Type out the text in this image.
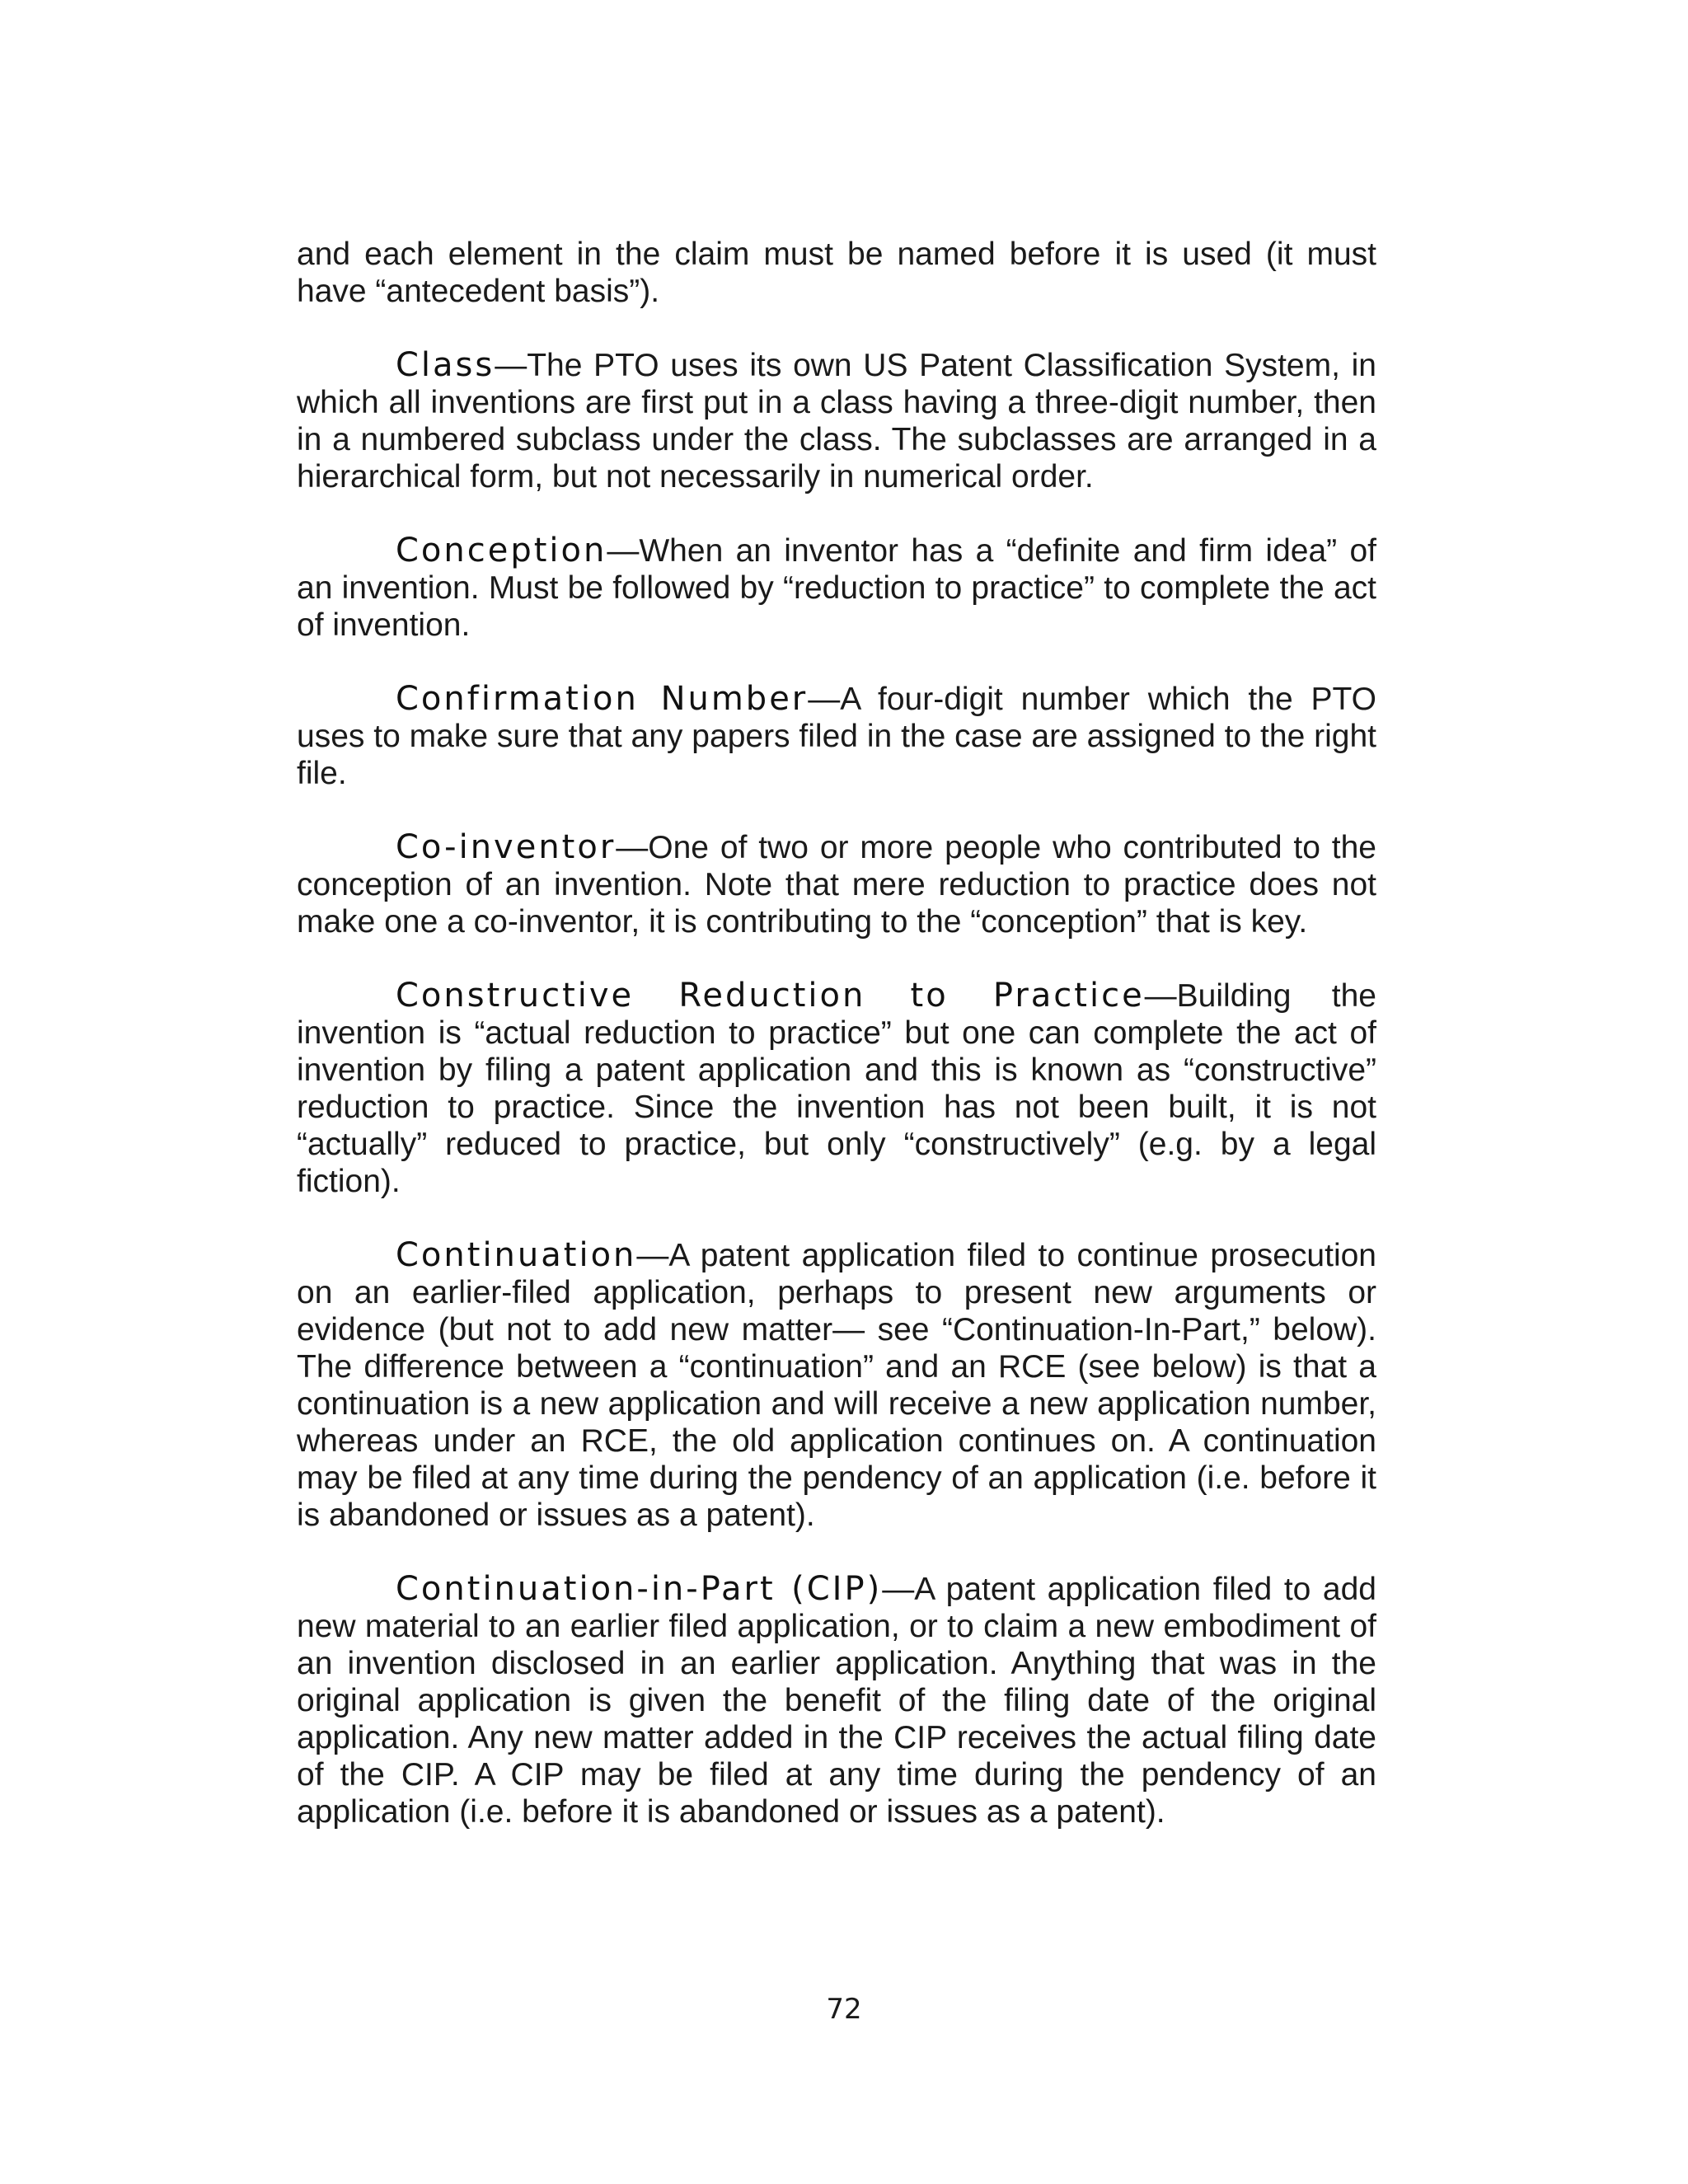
and each element in the claim must be named before it is used (it must have “antecedent basis”).

Class—The PTO uses its own US Patent Classification System, in which all inventions are first put in a class having a three-digit number, then in a numbered subclass under the class. The subclasses are arranged in a hierarchical form, but not necessarily in numerical order.

Conception—When an inventor has a “definite and firm idea” of an invention. Must be followed by “reduction to practice” to complete the act of invention.

Confirmation Number—A four-digit number which the PTO uses to make sure that any papers filed in the case are assigned to the right file.

Co-inventor—One of two or more people who contributed to the conception of an invention. Note that mere reduction to practice does not make one a co-inventor, it is contributing to the “conception” that is key.

Constructive Reduction to Practice—Building the invention is “actual reduction to practice” but one can complete the act of invention by filing a patent application and this is known as “constructive” reduction to practice. Since the invention has not been built, it is not “actually” reduced to practice, but only “constructively” (e.g. by a legal fiction).

Continuation—A patent application filed to continue prosecution on an earlier-filed application, perhaps to present new arguments or evidence (but not to add new matter— see “Continuation-In-Part,” below). The difference between a “continuation” and an RCE (see below) is that a continuation is a new application and will receive a new application number, whereas under an RCE, the old application continues on. A continuation may be filed at any time during the pendency of an application (i.e. before it is abandoned or issues as a patent).

Continuation-in-Part (CIP)—A patent application filed to add new material to an earlier filed application, or to claim a new embodiment of an invention disclosed in an earlier application. Anything that was in the original application is given the benefit of the filing date of the original application. Any new matter added in the CIP receives the actual filing date of the CIP. A CIP may be filed at any time during the pendency of an application (i.e. before it is abandoned or issues as a patent).

72
